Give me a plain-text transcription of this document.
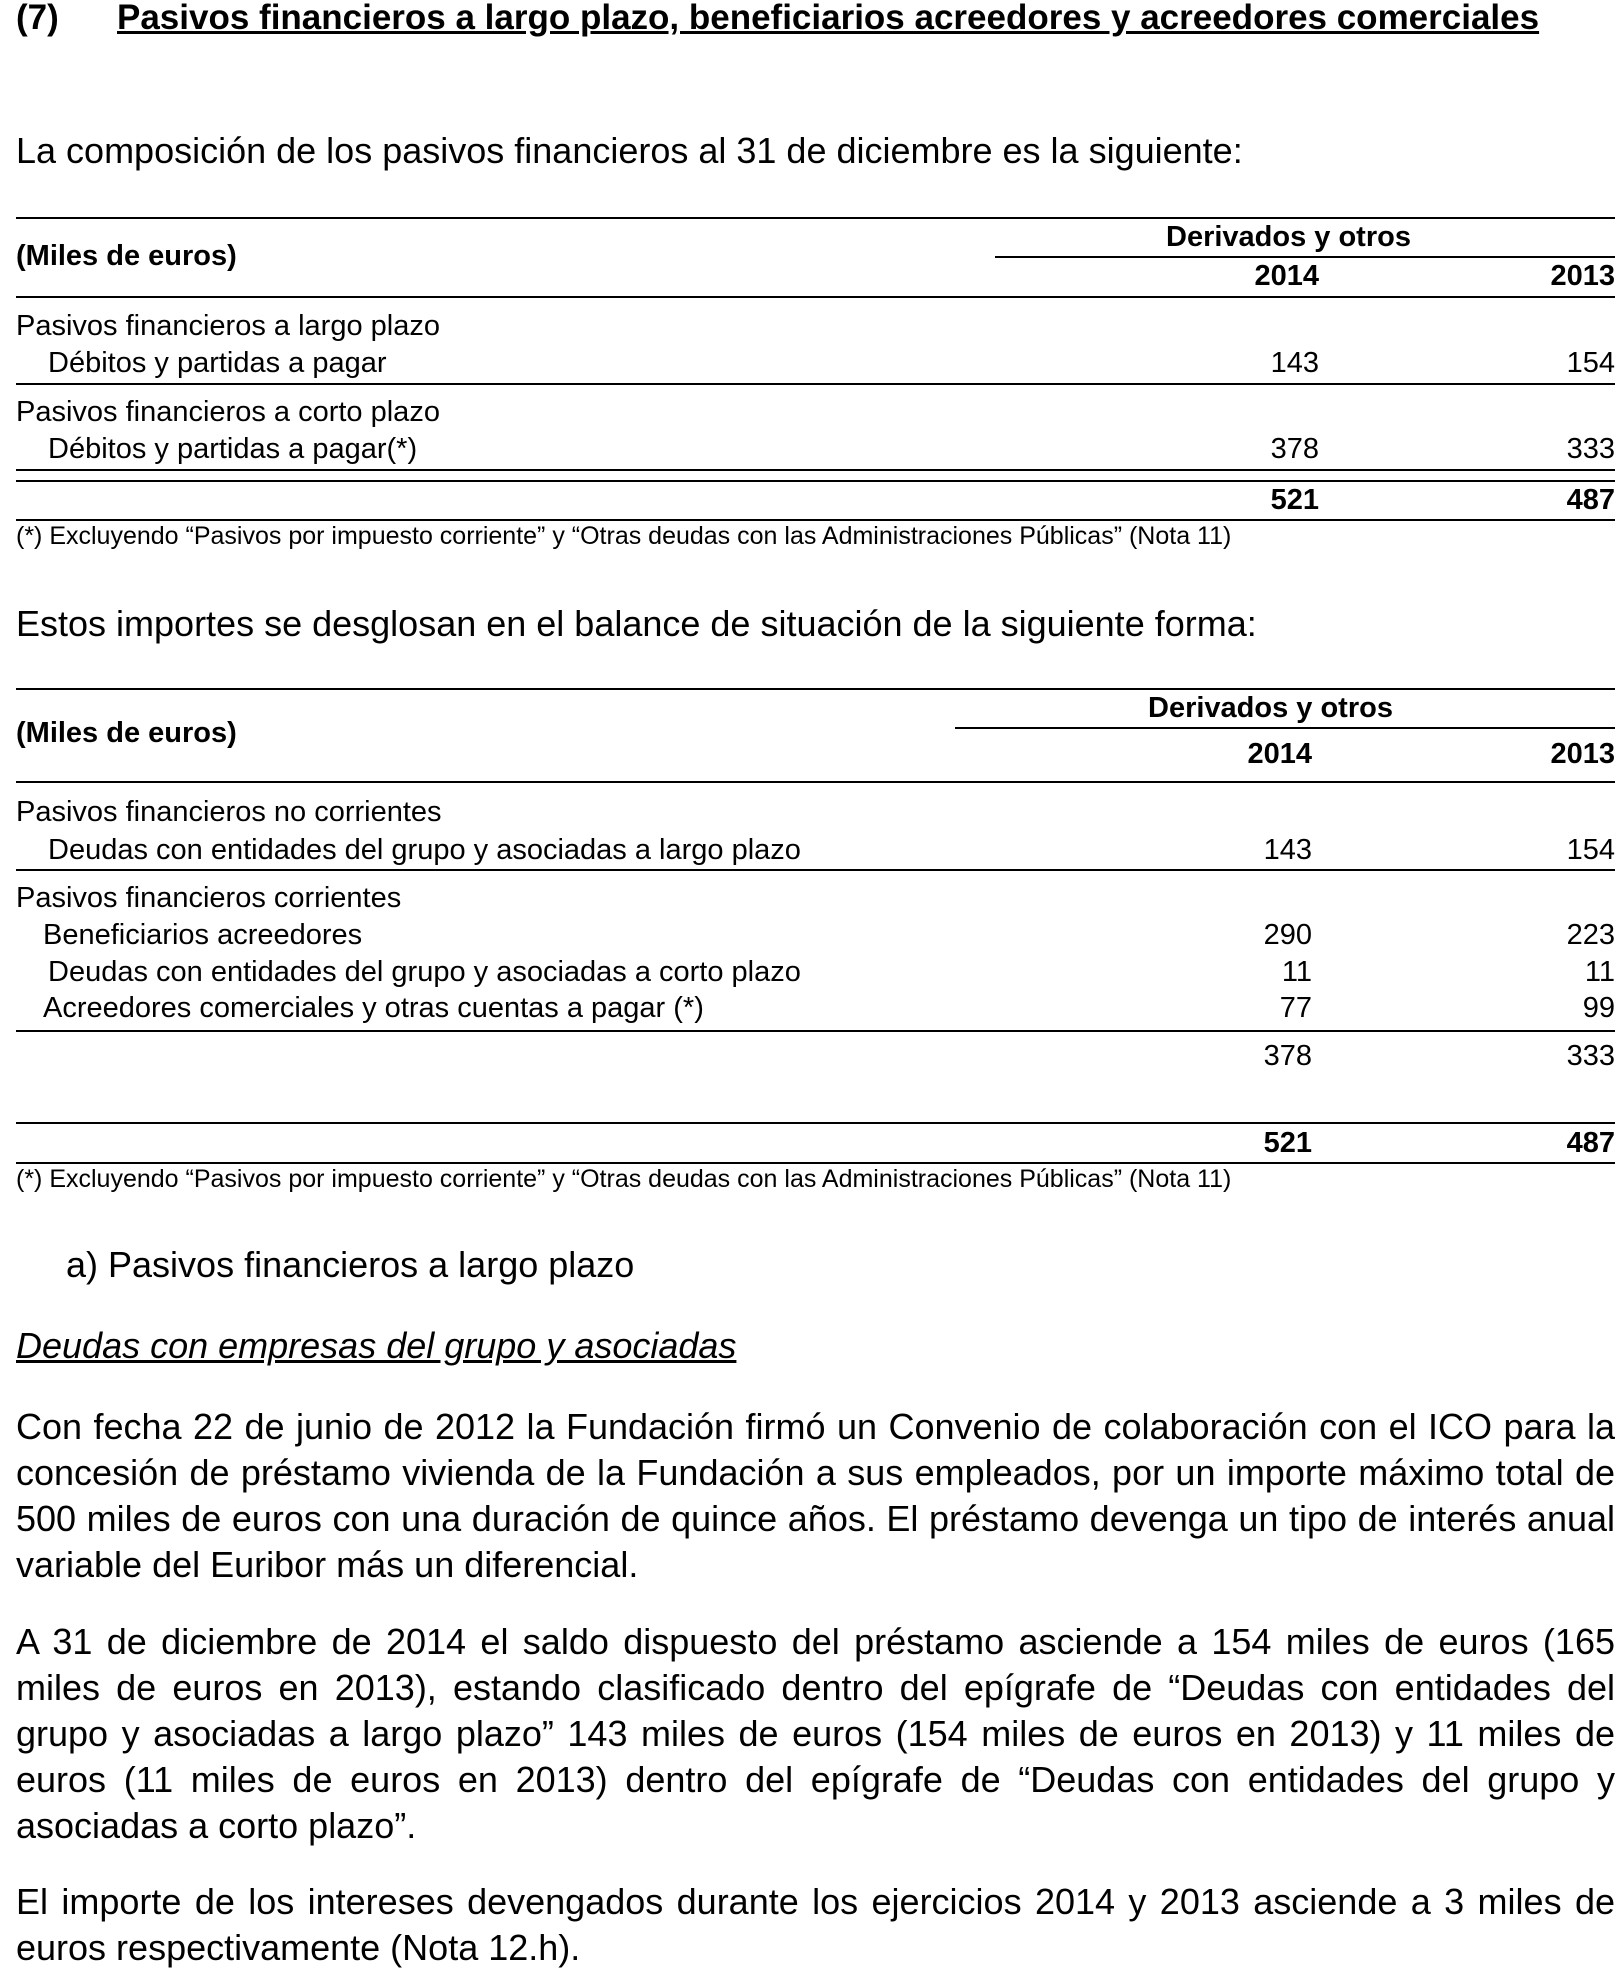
(7) Pasivos financieros a largo plazo, beneficiarios acreedores y acreedores comerciales
La composición de los pasivos financieros al 31 de diciembre es la siguiente:
(Miles de euros)
Derivados y otros
2014	2013
Pasivos financieros a largo plazo
Débitos y partidas a pagar	143	154
Pasivos financieros a corto plazo
Débitos y partidas a pagar(*)	378	333
521	487
(*) Excluyendo “Pasivos por impuesto corriente” y “Otras deudas con las Administraciones Públicas” (Nota 11)
Estos importes se desglosan en el balance de situación de la siguiente forma:
(Miles de euros)
Derivados y otros
2014	2013
Pasivos financieros no corrientes
Deudas con entidades del grupo y asociadas a largo plazo	143	154
Pasivos financieros corrientes
Beneficiarios acreedores	290	223
Deudas con entidades del grupo y asociadas a corto plazo	11	11
Acreedores comerciales y otras cuentas a pagar (*)	77	99
378	333
521	487
(*) Excluyendo “Pasivos por impuesto corriente” y “Otras deudas con las Administraciones Públicas” (Nota 11)
a) Pasivos financieros a largo plazo
Deudas con empresas del grupo y asociadas
Con fecha 22 de junio de 2012 la Fundación firmó un Convenio de colaboración con el ICO para la concesión de préstamo vivienda de la Fundación a sus empleados, por un importe máximo total de 500 miles de euros con una duración de quince años. El préstamo devenga un tipo de interés anual variable del Euribor más un diferencial.
A 31 de diciembre de 2014 el saldo dispuesto del préstamo asciende a 154 miles de euros (165 miles de euros en 2013), estando clasificado dentro del epígrafe de “Deudas con entidades del grupo y asociadas a largo plazo” 143 miles de euros (154 miles de euros en 2013) y 11 miles de euros (11 miles de euros en 2013) dentro del epígrafe de “Deudas con entidades del grupo y asociadas a corto plazo”.
El importe de los intereses devengados durante los ejercicios 2014 y 2013 asciende a 3 miles de euros respectivamente (Nota 12.h).
